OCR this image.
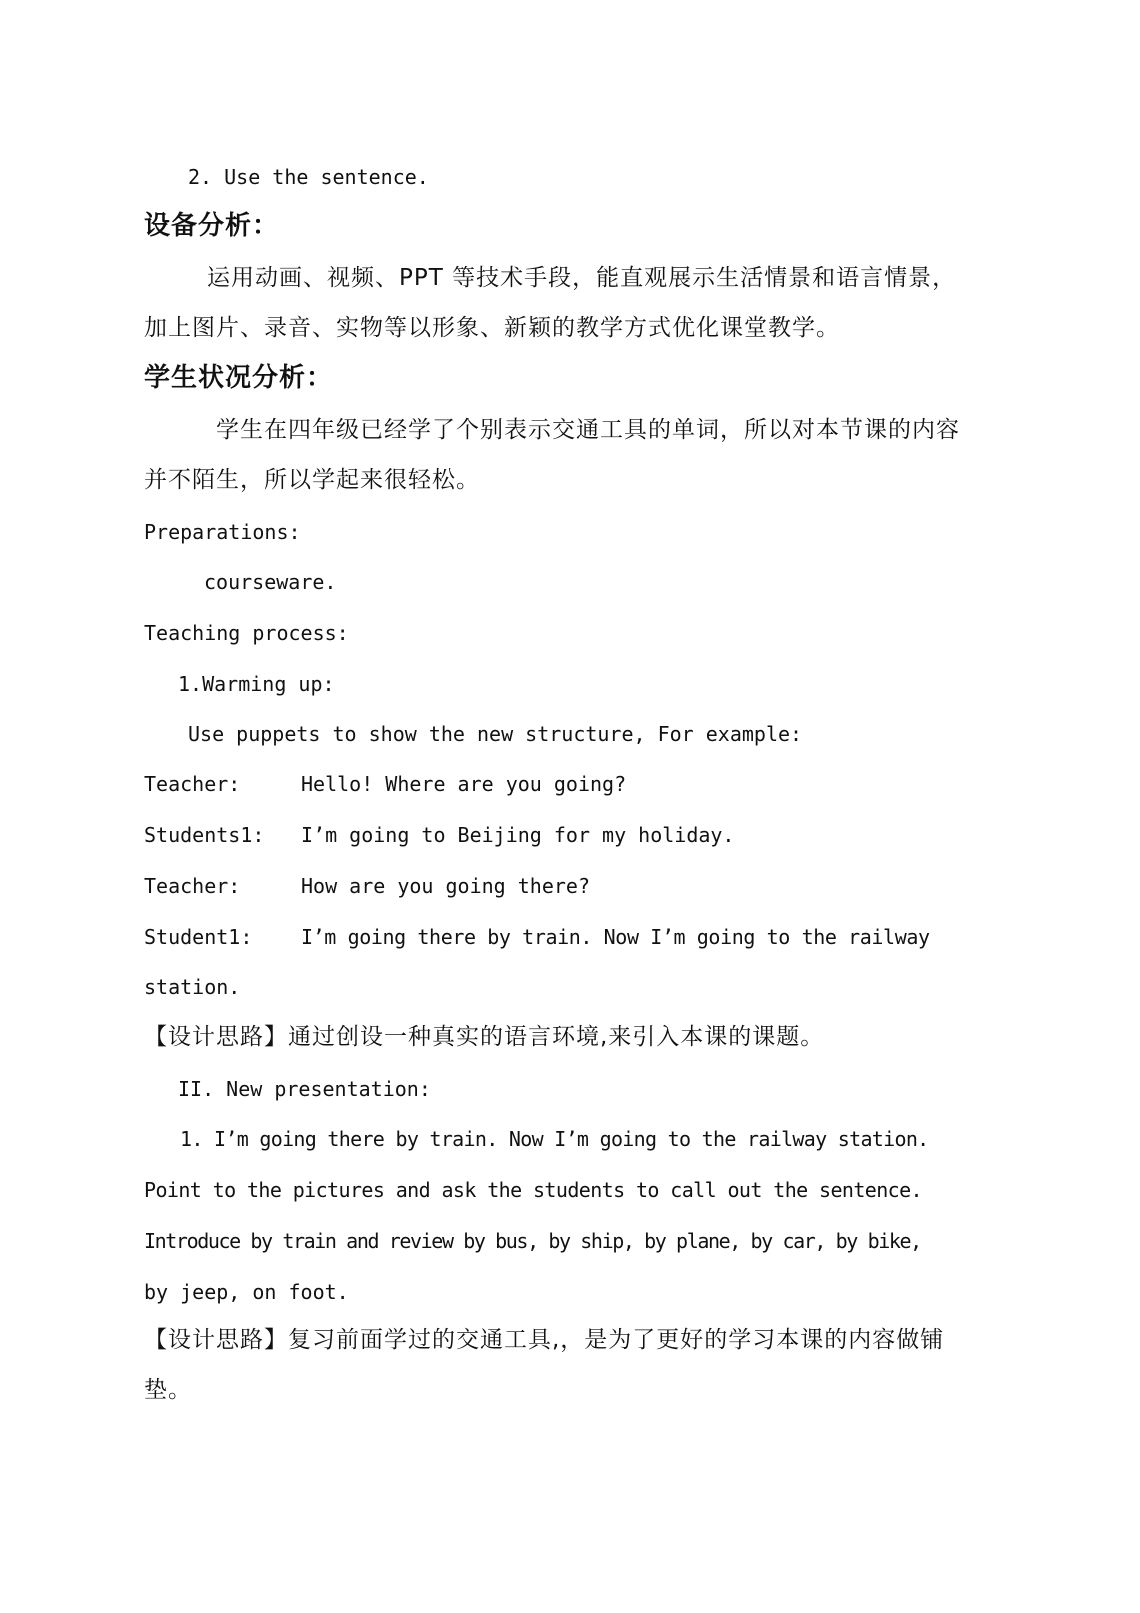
2. Use the sentence.
设备分析：
运用动画、视频、PPT 等技术手段，能直观展示生活情景和语言情景，
加上图片、录音、实物等以形象、新颖的教学方式优化课堂教学。
学生状况分析：
学生在四年级已经学了个别表示交通工具的单词，所以对本节课的内容
并不陌生，所以学起来很轻松。
Preparations:
courseware.
Teaching process:
1.Warming up:
Use puppets to show the new structure, For example:
Teacher:	Hello! Where are you going?
Students1: I’m going to Beijing for my holiday.
Teacher:	How are you going there?
Student1: I’m going there by train. Now I’m going to the railway
station.
【设计思路】通过创设一种真实的语言环境,来引入本课的课题。
II. New presentation:
1. I’m going there by train. Now I’m going to the railway station.
Point to the pictures and ask the students to call out the sentence.
Introduce by train and review by bus, by ship, by plane, by car, by bike,
by jeep, on foot.
【设计思路】复习前面学过的交通工具,，是为了更好的学习本课的内容做铺
垫。
